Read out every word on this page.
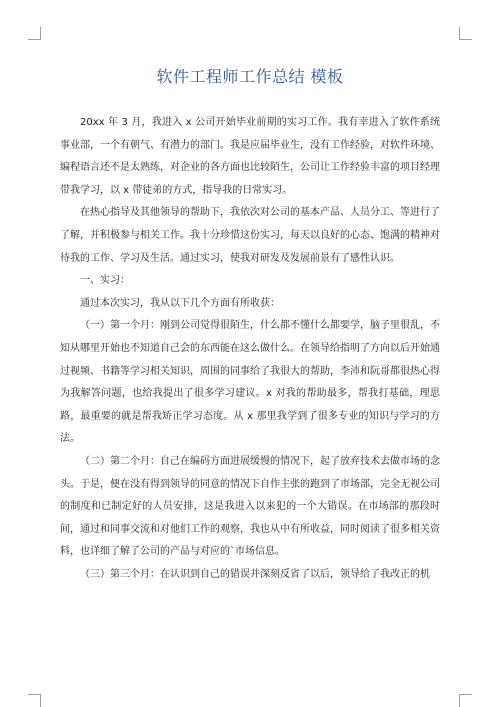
软件工程师工作总结 模板

20xx 年 3 月，我进入 x 公司开始毕业前期的实习工作。我有幸进入了软件系统事业部，一个有朝气、有潜力的部门。我是应届毕业生，没有工作经验，对软件环境、编程语言还不是太熟练，对企业的各方面也比较陌生，公司让工作经验丰富的项目经理带我学习，以 x 带徒弟的方式，指导我的日常实习。

在热心指导及其他领导的帮助下，我依次对公司的基本产品、人员分工、等进行了了解，并积极参与相关工作。我十分珍惜这份实习，每天以良好的心态、饱满的精神对待我的工作、学习及生活。通过实习，使我对研发及发展前景有了感性认识。

一、实习：

通过本次实习，我从以下几个方面有所收获：

（一）第一个月：刚到公司觉得很陌生，什么都不懂什么都要学，脑子里很乱，不知从哪里开始也不知道自己会的东西能在这么做什么。在领导给指明了方向以后开始通过视频、书籍等学习相关知识，周围的同事给了我很大的帮助，李沛和阮哥都很热心得为我解答问题，也给我提出了很多学习建议。x 对我的帮助最多，帮我打基础，理思路，最重要的就是帮我矫正学习态度。从 x 那里我学到了很多专业的知识与学习的方法。

（二）第二个月：自己在编码方面进展缓慢的情况下，起了放弃技术去做市场的念头。于是，便在没有得到领导的同意的情况下自作主张的跑到了市场部，完全无视公司的制度和已制定好的人员安排，这是我进入以来犯的一个大错误。在市场部的那段时间，通过和同事交流和对他们工作的观察，我也从中有所收益，同时阅读了很多相关资料，也详细了解了公司的产品与对应的`市场信息。

（三）第三个月：在认识到自己的错误并深刻反省了以后，领导给了我改正的机
